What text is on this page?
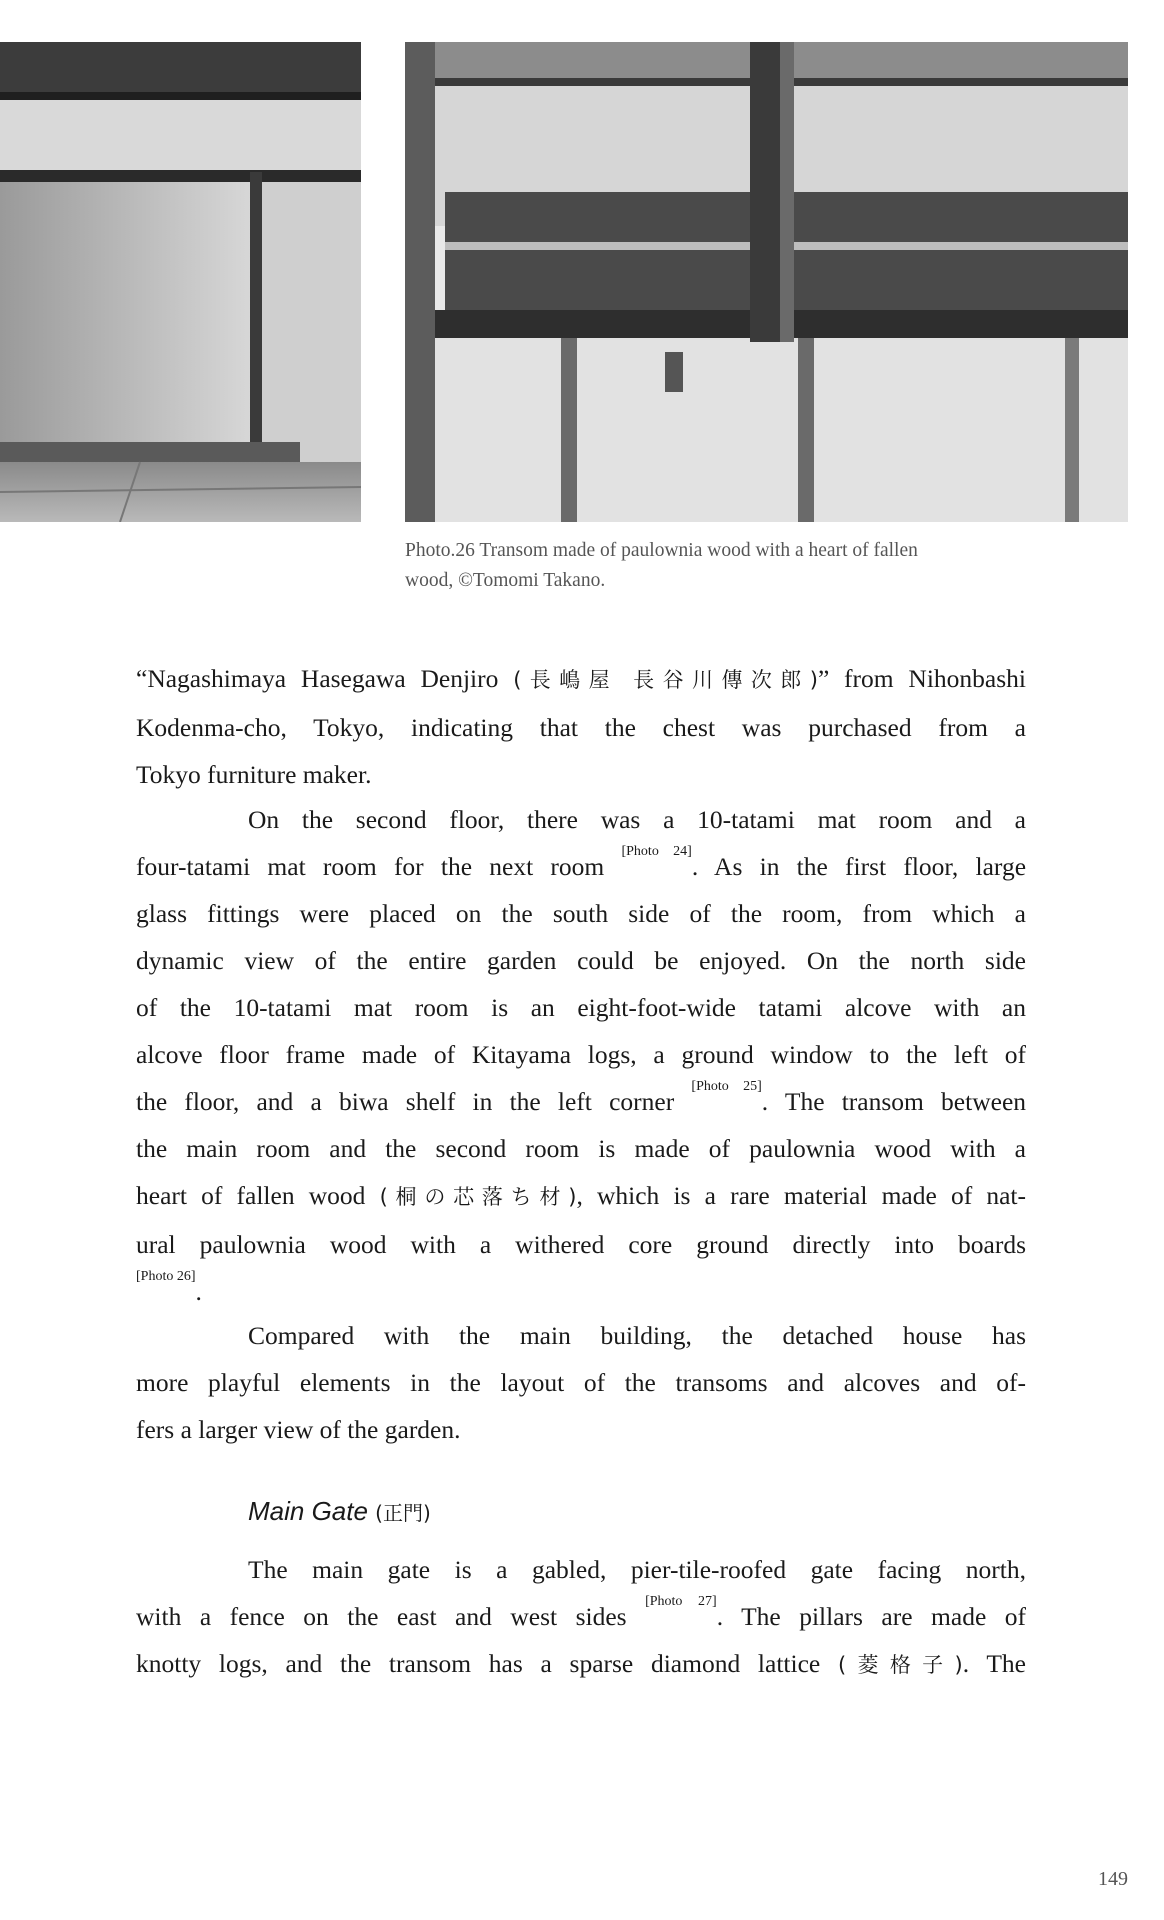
Photo.26 Transom made of paulownia wood with a heart of fallen
wood, ©Tomomi Takano.
“Nagashimaya Hasegawa Denjiro (長嶋屋 長谷川傳次郎)” from Nihonbashi
Kodenma-cho, Tokyo, indicating that the chest was purchased from a
Tokyo furniture maker.
On the second floor, there was a 10-tatami mat room and a
four-tatami mat room for the next room [Photo 24]. As in the first floor, large
glass fittings were placed on the south side of the room, from which a
dynamic view of the entire garden could be enjoyed. On the north side
of the 10-tatami mat room is an eight-foot-wide tatami alcove with an
alcove floor frame made of Kitayama logs, a ground window to the left of
the floor, and a biwa shelf in the left corner [Photo 25]. The transom between
the main room and the second room is made of paulownia wood with a
heart of fallen wood (桐の芯落ち材), which is a rare material made of nat-
ural paulownia wood with a withered core ground directly into boards
[Photo 26].
Compared with the main building, the detached house has
more playful elements in the layout of the transoms and alcoves and of-
fers a larger view of the garden.
Main Gate (正門)
The main gate is a gabled, pier-tile-roofed gate facing north,
with a fence on the east and west sides [Photo 27]. The pillars are made of
knotty logs, and the transom has a sparse diamond lattice (菱格子). The
149
